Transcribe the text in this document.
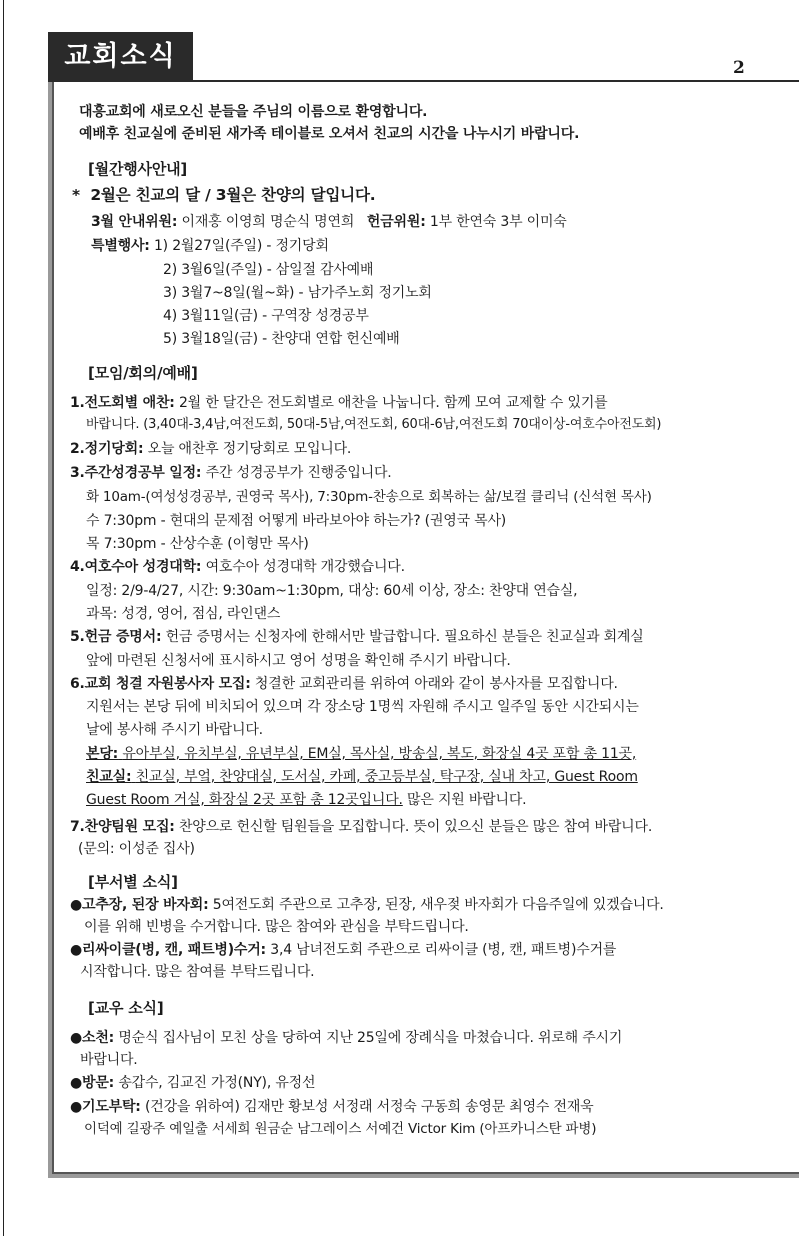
교회소식	2
대흥교회에 새로오신 분들을 주님의 이름으로 환영합니다.
예배후 친교실에 준비된 새가족 테이블로 오셔서 친교의 시간을 나누시기 바랍니다.
[월간행사안내]
* 2월은 친교의 달 / 3월은 찬양의 달입니다.
3월 안내위원: 이재홍 이영희 명순식 명연희 헌금위원: 1부 한연숙 3부 이미숙
특별행사: 1) 2월27일(주일) - 정기당회
2) 3월6일(주일) - 삼일절 감사예배
3) 3월7~8일(월~화) - 남가주노회 정기노회
4) 3월11일(금) - 구역장 성경공부
5) 3월18일(금) - 찬양대 연합 헌신예배
[모임/회의/예배]
1.전도회별 애찬: 2월 한 달간은 전도회별로 애찬을 나눕니다. 함께 모여 교제할 수 있기를
바랍니다. (3,40대-3,4남,여전도회, 50대-5남,여전도회, 60대-6남,여전도회 70대이상-여호수아전도회)
2.정기당회: 오늘 애찬후 정기당회로 모입니다.
3.주간성경공부 일정: 주간 성경공부가 진행중입니다.
화 10am-(여성성경공부, 권영국 목사), 7:30pm-찬송으로 회복하는 삶/보컬 클리닉 (신석현 목사)
수 7:30pm - 현대의 문제점 어떻게 바라보아야 하는가? (권영국 목사)
목 7:30pm - 산상수훈 (이형만 목사)
4.여호수아 성경대학: 여호수아 성경대학 개강했습니다.
일정: 2/9-4/27, 시간: 9:30am~1:30pm, 대상: 60세 이상, 장소: 찬양대 연습실,
과목: 성경, 영어, 점심, 라인댄스
5.헌금 증명서: 헌금 증명서는 신청자에 한해서만 발급합니다. 필요하신 분들은 친교실과 회계실
앞에 마련된 신청서에 표시하시고 영어 성명을 확인해 주시기 바랍니다.
6.교회 청결 자원봉사자 모집: 청결한 교회관리를 위하여 아래와 같이 봉사자를 모집합니다.
지원서는 본당 뒤에 비치되어 있으며 각 장소당 1명씩 자원해 주시고 일주일 동안 시간되시는
날에 봉사해 주시기 바랍니다.
본당: 유아부실, 유치부실, 유년부실, EM실, 목사실, 방송실, 복도, 화장실 4곳 포함 총 11곳,
친교실: 친교실, 부엌, 찬양대실, 도서실, 카페, 중고등부실, 탁구장, 실내 차고, Guest Room
Guest Room 거실, 화장실 2곳 포함 총 12곳입니다. 많은 지원 바랍니다.
7.찬양팀원 모집: 찬양으로 헌신할 팀원들을 모집합니다. 뜻이 있으신 분들은 많은 참여 바랍니다.
(문의: 이성준 집사)
[부서별 소식]
●고추장, 된장 바자회: 5여전도회 주관으로 고추장, 된장, 새우젖 바자회가 다음주일에 있겠습니다.
이를 위해 빈병을 수거합니다. 많은 참여와 관심을 부탁드립니다.
●리싸이클(병, 캔, 패트병)수거: 3,4 남녀전도회 주관으로 리싸이클 (병, 캔, 패트병)수거를
시작합니다. 많은 참여를 부탁드립니다.
[교우 소식]
●소천: 명순식 집사님이 모친 상을 당하여 지난 25일에 장례식을 마쳤습니다. 위로해 주시기
바랍니다.
●방문: 송갑수, 김교진 가정(NY), 유정선
●기도부탁: (건강을 위하여) 김재만 황보성 서정래 서정숙 구동희 송영문 최영수 전재욱
이덕예 길광주 예일출 서세희 원금순 남그레이스 서예건 Victor Kim (아프카니스탄 파병)
